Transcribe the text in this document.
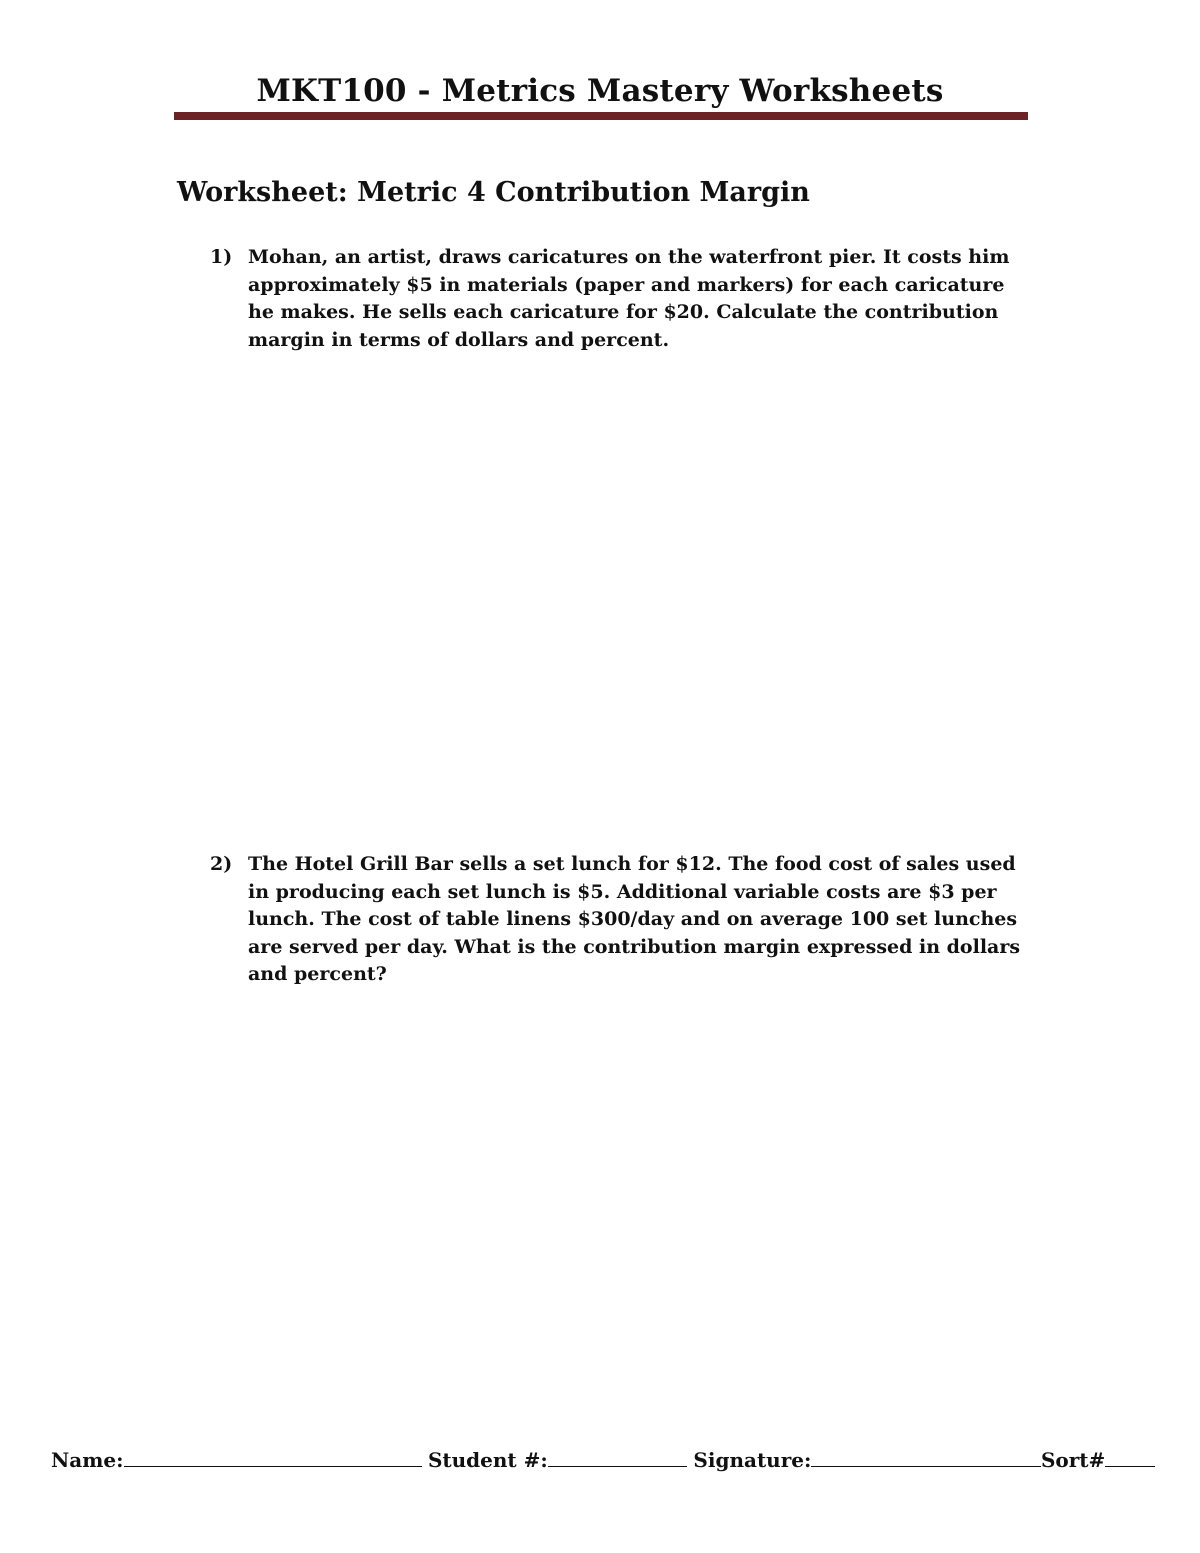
MKT100 - Metrics Mastery Worksheets
Worksheet: Metric 4 Contribution Margin
1) Mohan, an artist, draws caricatures on the waterfront pier. It costs him approximately $5 in materials (paper and markers) for each caricature he makes. He sells each caricature for $20. Calculate the contribution margin in terms of dollars and percent.
2) The Hotel Grill Bar sells a set lunch for $12. The food cost of sales used in producing each set lunch is $5. Additional variable costs are $3 per lunch. The cost of table linens $300/day and on average 100 set lunches are served per day. What is the contribution margin expressed in dollars and percent?
Name:	Student #:	Signature:	Sort#
